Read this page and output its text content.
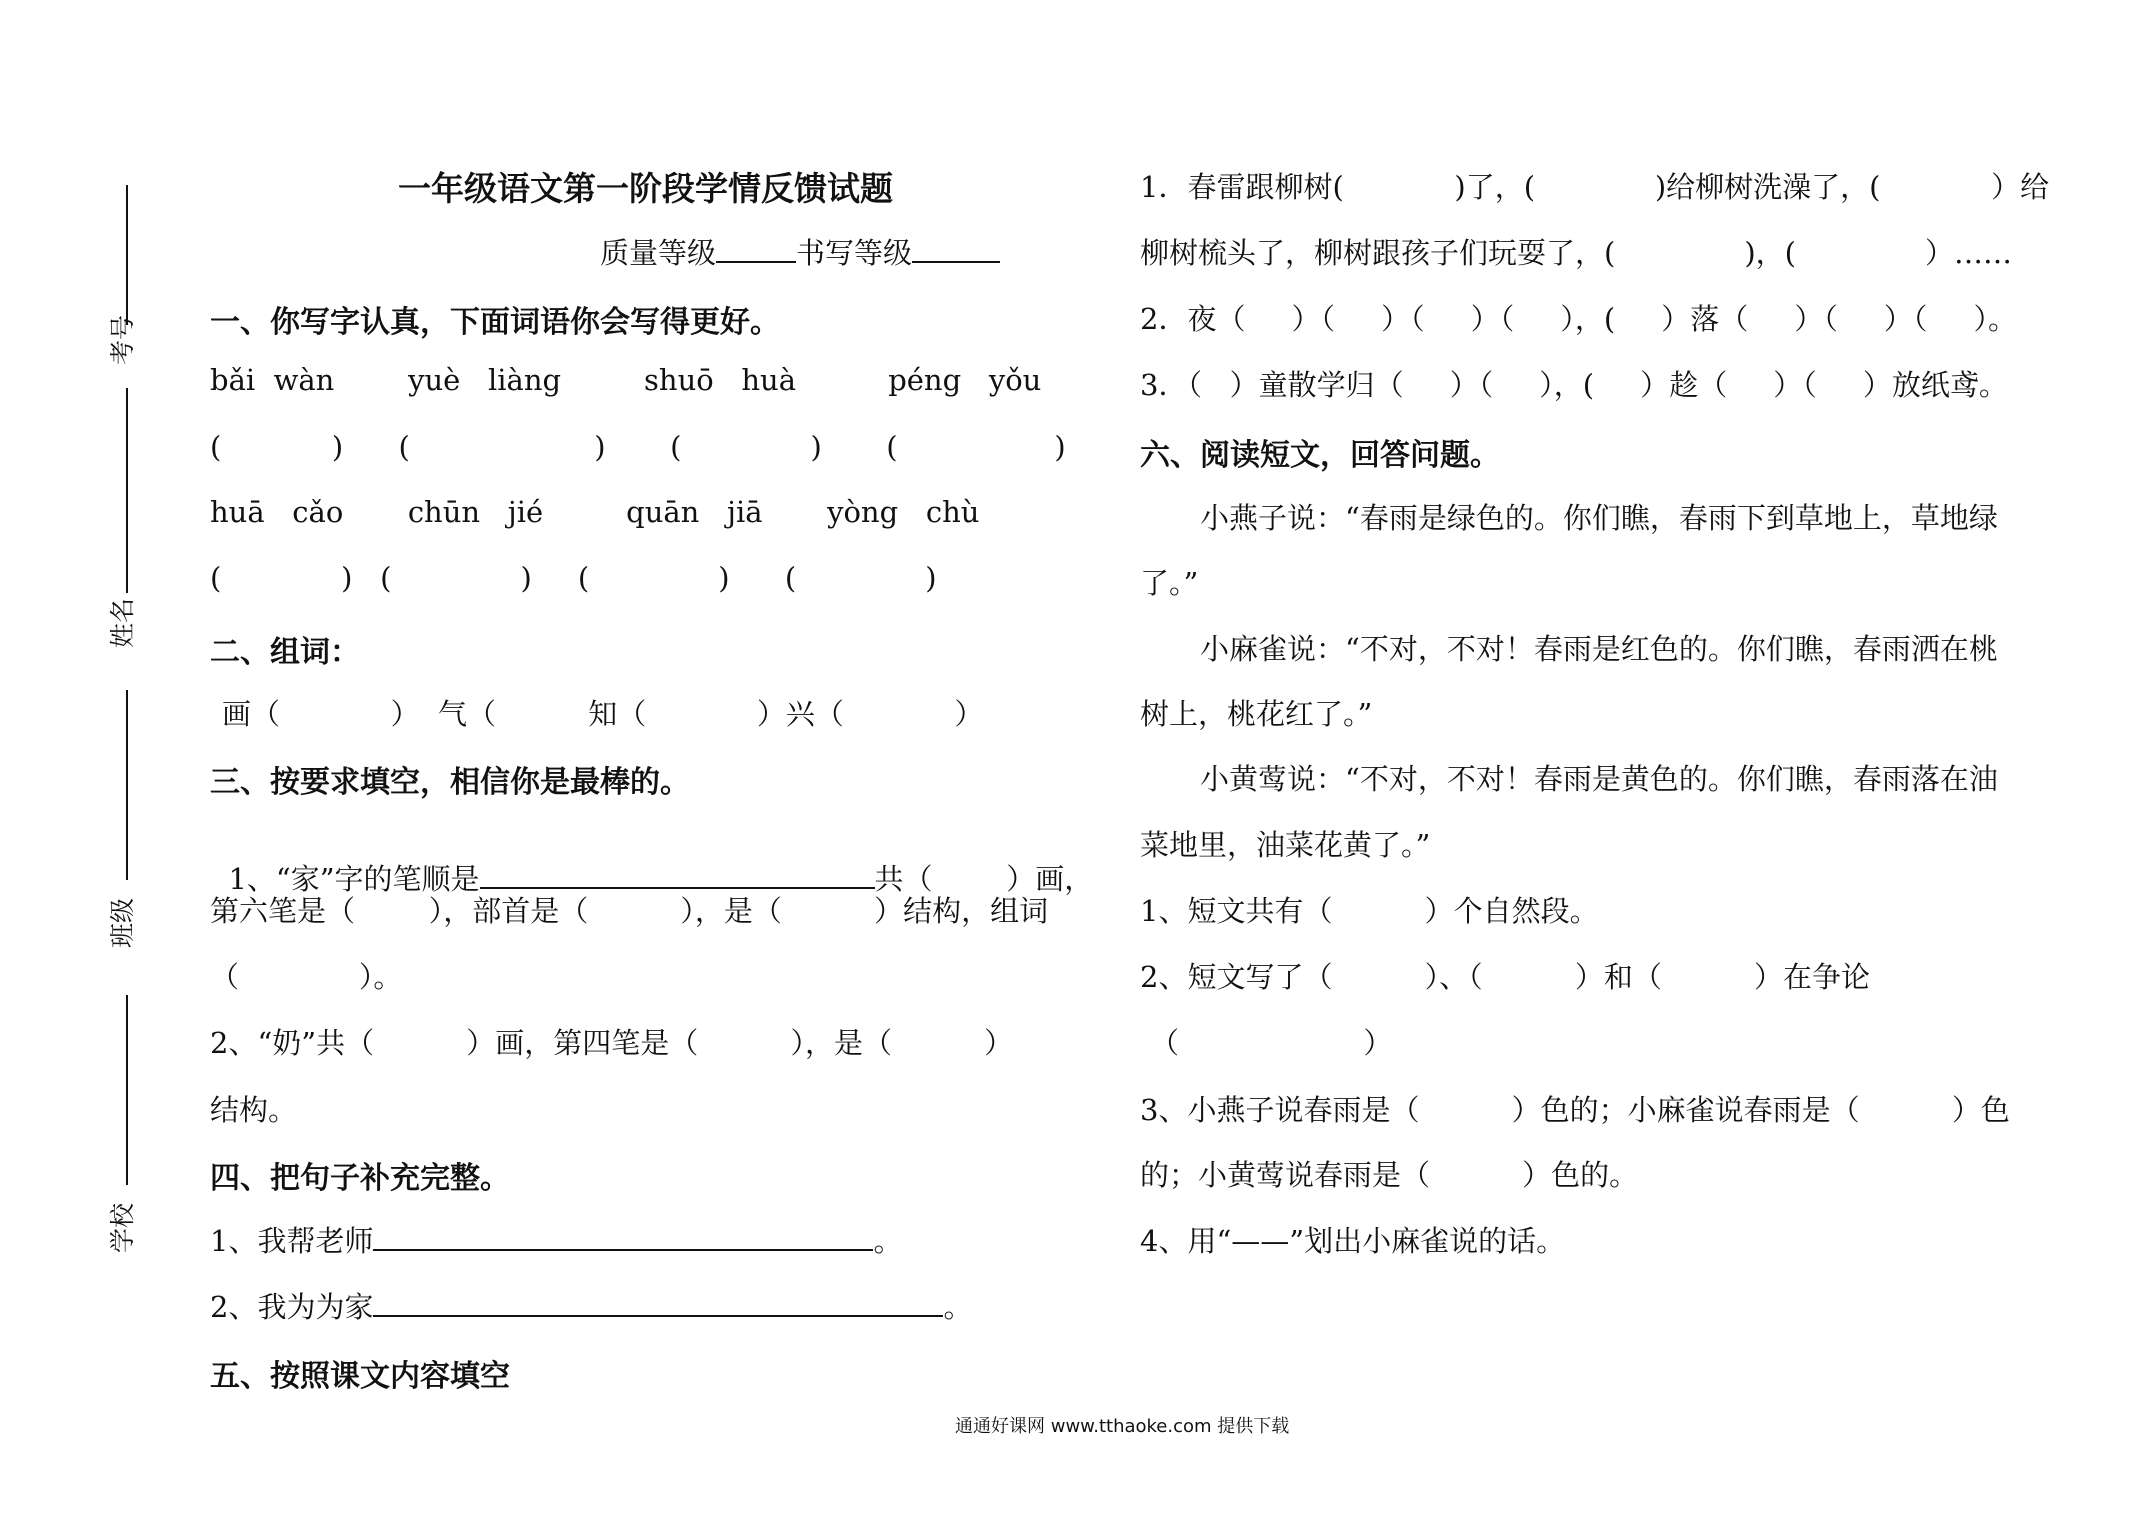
考号
姓名
班级
学校
一年级语文第一阶段学情反馈试题
质量等级	书写等级
一、你写字认真，下面词语你会写得更好。
bǎi  wàn        yuè   liàng         shuō   huà          péng   yǒu
(            )      (                    )       (              )       (                 )
huā   cǎo       chūn   jié         quān   jiā       yòng   chù
(             )   (              )     (              )      (              )
二、组词：
画（            ）  气（          知（            ）兴（            ）
三、按要求填空，相信你是最棒的。

1、“家”字的笔顺是	共（        ）画，

第六笔是（        ），部首是（          ），是（          ）结构，组词
（             ）。
2、“奶”共（          ）画，第四笔是（          ），是（          ）
结构。
四、把句子补充完整。
1、我帮老师	。
2、我为为家	。
五、按照课文内容填空
1．春雷跟柳树(            )了，(             )给柳树洗澡了，(            ）给
柳树梳头了，柳树跟孩子们玩耍了，(              )，(              ）……
2．夜（     ）（     ）（     ）（     ），(     ）落（     ）（     ）（     ）。
3．（   ）童散学归（     ）（     ），(     ）趁（     ）（     ）放纸鸢。
六、阅读短文，回答问题。
小燕子说：“春雨是绿色的。你们瞧，春雨下到草地上，草地绿
了。”
小麻雀说：“不对，不对！春雨是红色的。你们瞧，春雨洒在桃
树上，桃花红了。”
小黄莺说：“不对，不对！春雨是黄色的。你们瞧，春雨落在油
菜地里，油菜花黄了。”
1、短文共有（          ）个自然段。
2、短文写了（          ）、（          ）和（          ）在争论
（                    ）
3、小燕子说春雨是（          ）色的；小麻雀说春雨是（          ）色
的；小黄莺说春雨是（          ）色的。
4、用“——”划出小麻雀说的话。
通通好课网 www.tthaoke.com 提供下载
